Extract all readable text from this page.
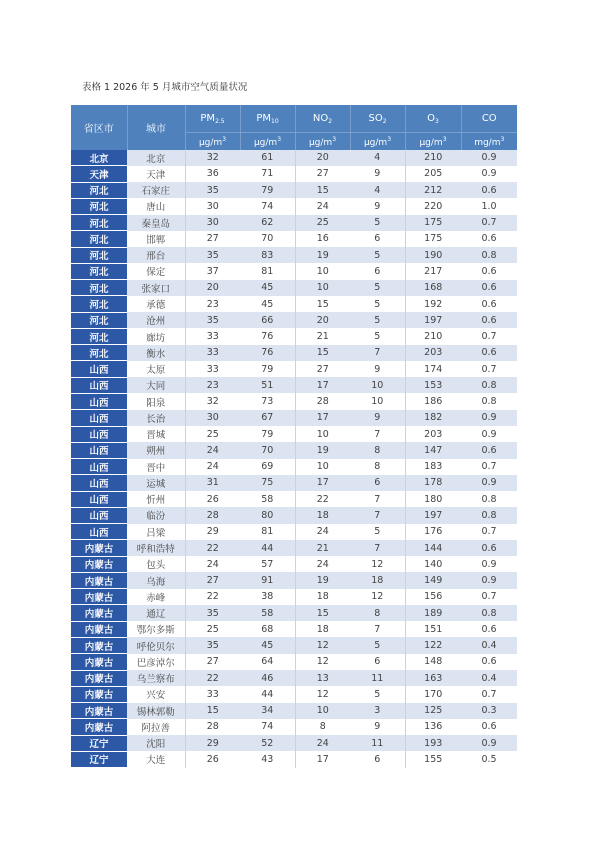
表格 1 2026 年 5 月城市空气质量状况
省区市	城市	$PM_{2.5}$	$PM_{10}$	$NO_2$	$SO_2$	$O_3$	CO
		$\mu g/m^3$	$\mu g/m^3$	$\mu g/m^3$	$\mu g/m^3$	$\mu g/m^3$	$mg/m^3$
北京	北京	32	61	20	4	210	0.9
天津	天津	36	71	27	9	205	0.9
河北	石家庄	35	79	15	4	212	0.6
河北	唐山	30	74	24	9	220	1.0
河北	秦皇岛	30	62	25	5	175	0.7
河北	邯郸	27	70	16	6	175	0.6
河北	邢台	35	83	19	5	190	0.8
河北	保定	37	81	10	6	217	0.6
河北	张家口	20	45	10	5	168	0.6
河北	承德	23	45	15	5	192	0.6
河北	沧州	35	66	20	5	197	0.6
河北	廊坊	33	76	21	5	210	0.7
河北	衡水	33	76	15	7	203	0.6
山西	太原	33	79	27	9	174	0.7
山西	大同	23	51	17	10	153	0.8
山西	阳泉	32	73	28	10	186	0.8
山西	长治	30	67	17	9	182	0.9
山西	晋城	25	79	10	7	203	0.9
山西	朔州	24	70	19	8	147	0.6
山西	晋中	24	69	10	8	183	0.7
山西	运城	31	75	17	6	178	0.9
山西	忻州	26	58	22	7	180	0.8
山西	临汾	28	80	18	7	197	0.8
山西	吕梁	29	81	24	5	176	0.7
内蒙古	呼和浩特	22	44	21	7	144	0.6
内蒙古	包头	24	57	24	12	140	0.9
内蒙古	乌海	27	91	19	18	149	0.9
内蒙古	赤峰	22	38	18	12	156	0.7
内蒙古	通辽	35	58	15	8	189	0.8
内蒙古	鄂尔多斯	25	68	18	7	151	0.6
内蒙古	呼伦贝尔	35	45	12	5	122	0.4
内蒙古	巴彦淖尔	27	64	12	6	148	0.6
内蒙古	乌兰察布	22	46	13	11	163	0.4
内蒙古	兴安	33	44	12	5	170	0.7
内蒙古	锡林郭勒	15	34	10	3	125	0.3
内蒙古	阿拉善	28	74	8	9	136	0.6
辽宁	沈阳	29	52	24	11	193	0.9
辽宁	大连	26	43	17	6	155	0.5
